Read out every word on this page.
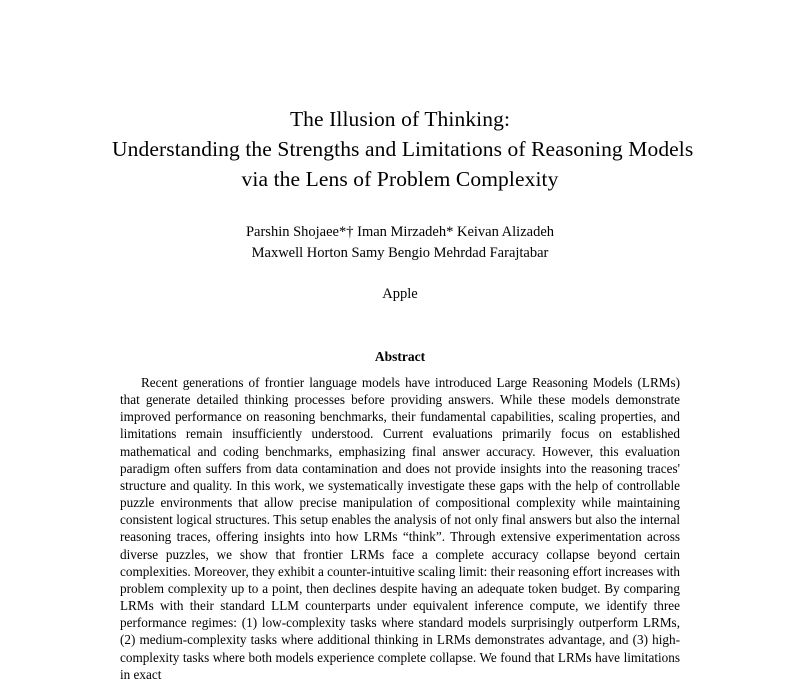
The Illusion of Thinking:
Understanding the Strengths and Limitations of Reasoning Models
via the Lens of Problem Complexity
Parshin Shojaee*† Iman Mirzadeh* Keivan Alizadeh
Maxwell Horton Samy Bengio Mehrdad Farajtabar
Apple
Abstract

Recent generations of frontier language models have introduced Large Reasoning Models (LRMs) that generate detailed thinking processes before providing answers. While these models demonstrate improved performance on reasoning benchmarks, their fundamental capabilities, scaling properties, and limitations remain insufficiently understood. Current evaluations primarily focus on established mathematical and coding benchmarks, emphasizing final answer accuracy. However, this evaluation paradigm often suffers from data contamination and does not provide insights into the reasoning traces' structure and quality. In this work, we systematically investigate these gaps with the help of controllable puzzle environments that allow precise manipulation of compositional complexity while maintaining consistent logical structures. This setup enables the analysis of not only final answers but also the internal reasoning traces, offering insights into how LRMs “think”. Through extensive experimentation across diverse puzzles, we show that frontier LRMs face a complete accuracy collapse beyond certain complexities. Moreover, they exhibit a counter-intuitive scaling limit: their reasoning effort increases with problem complexity up to a point, then declines despite having an adequate token budget. By comparing LRMs with their standard LLM counterparts under equivalent inference compute, we identify three performance regimes: (1) low-complexity tasks where standard models surprisingly outperform LRMs, (2) medium-complexity tasks where additional thinking in LRMs demonstrates advantage, and (3) high-complexity tasks where both models experience complete collapse. We found that LRMs have limitations in exact
